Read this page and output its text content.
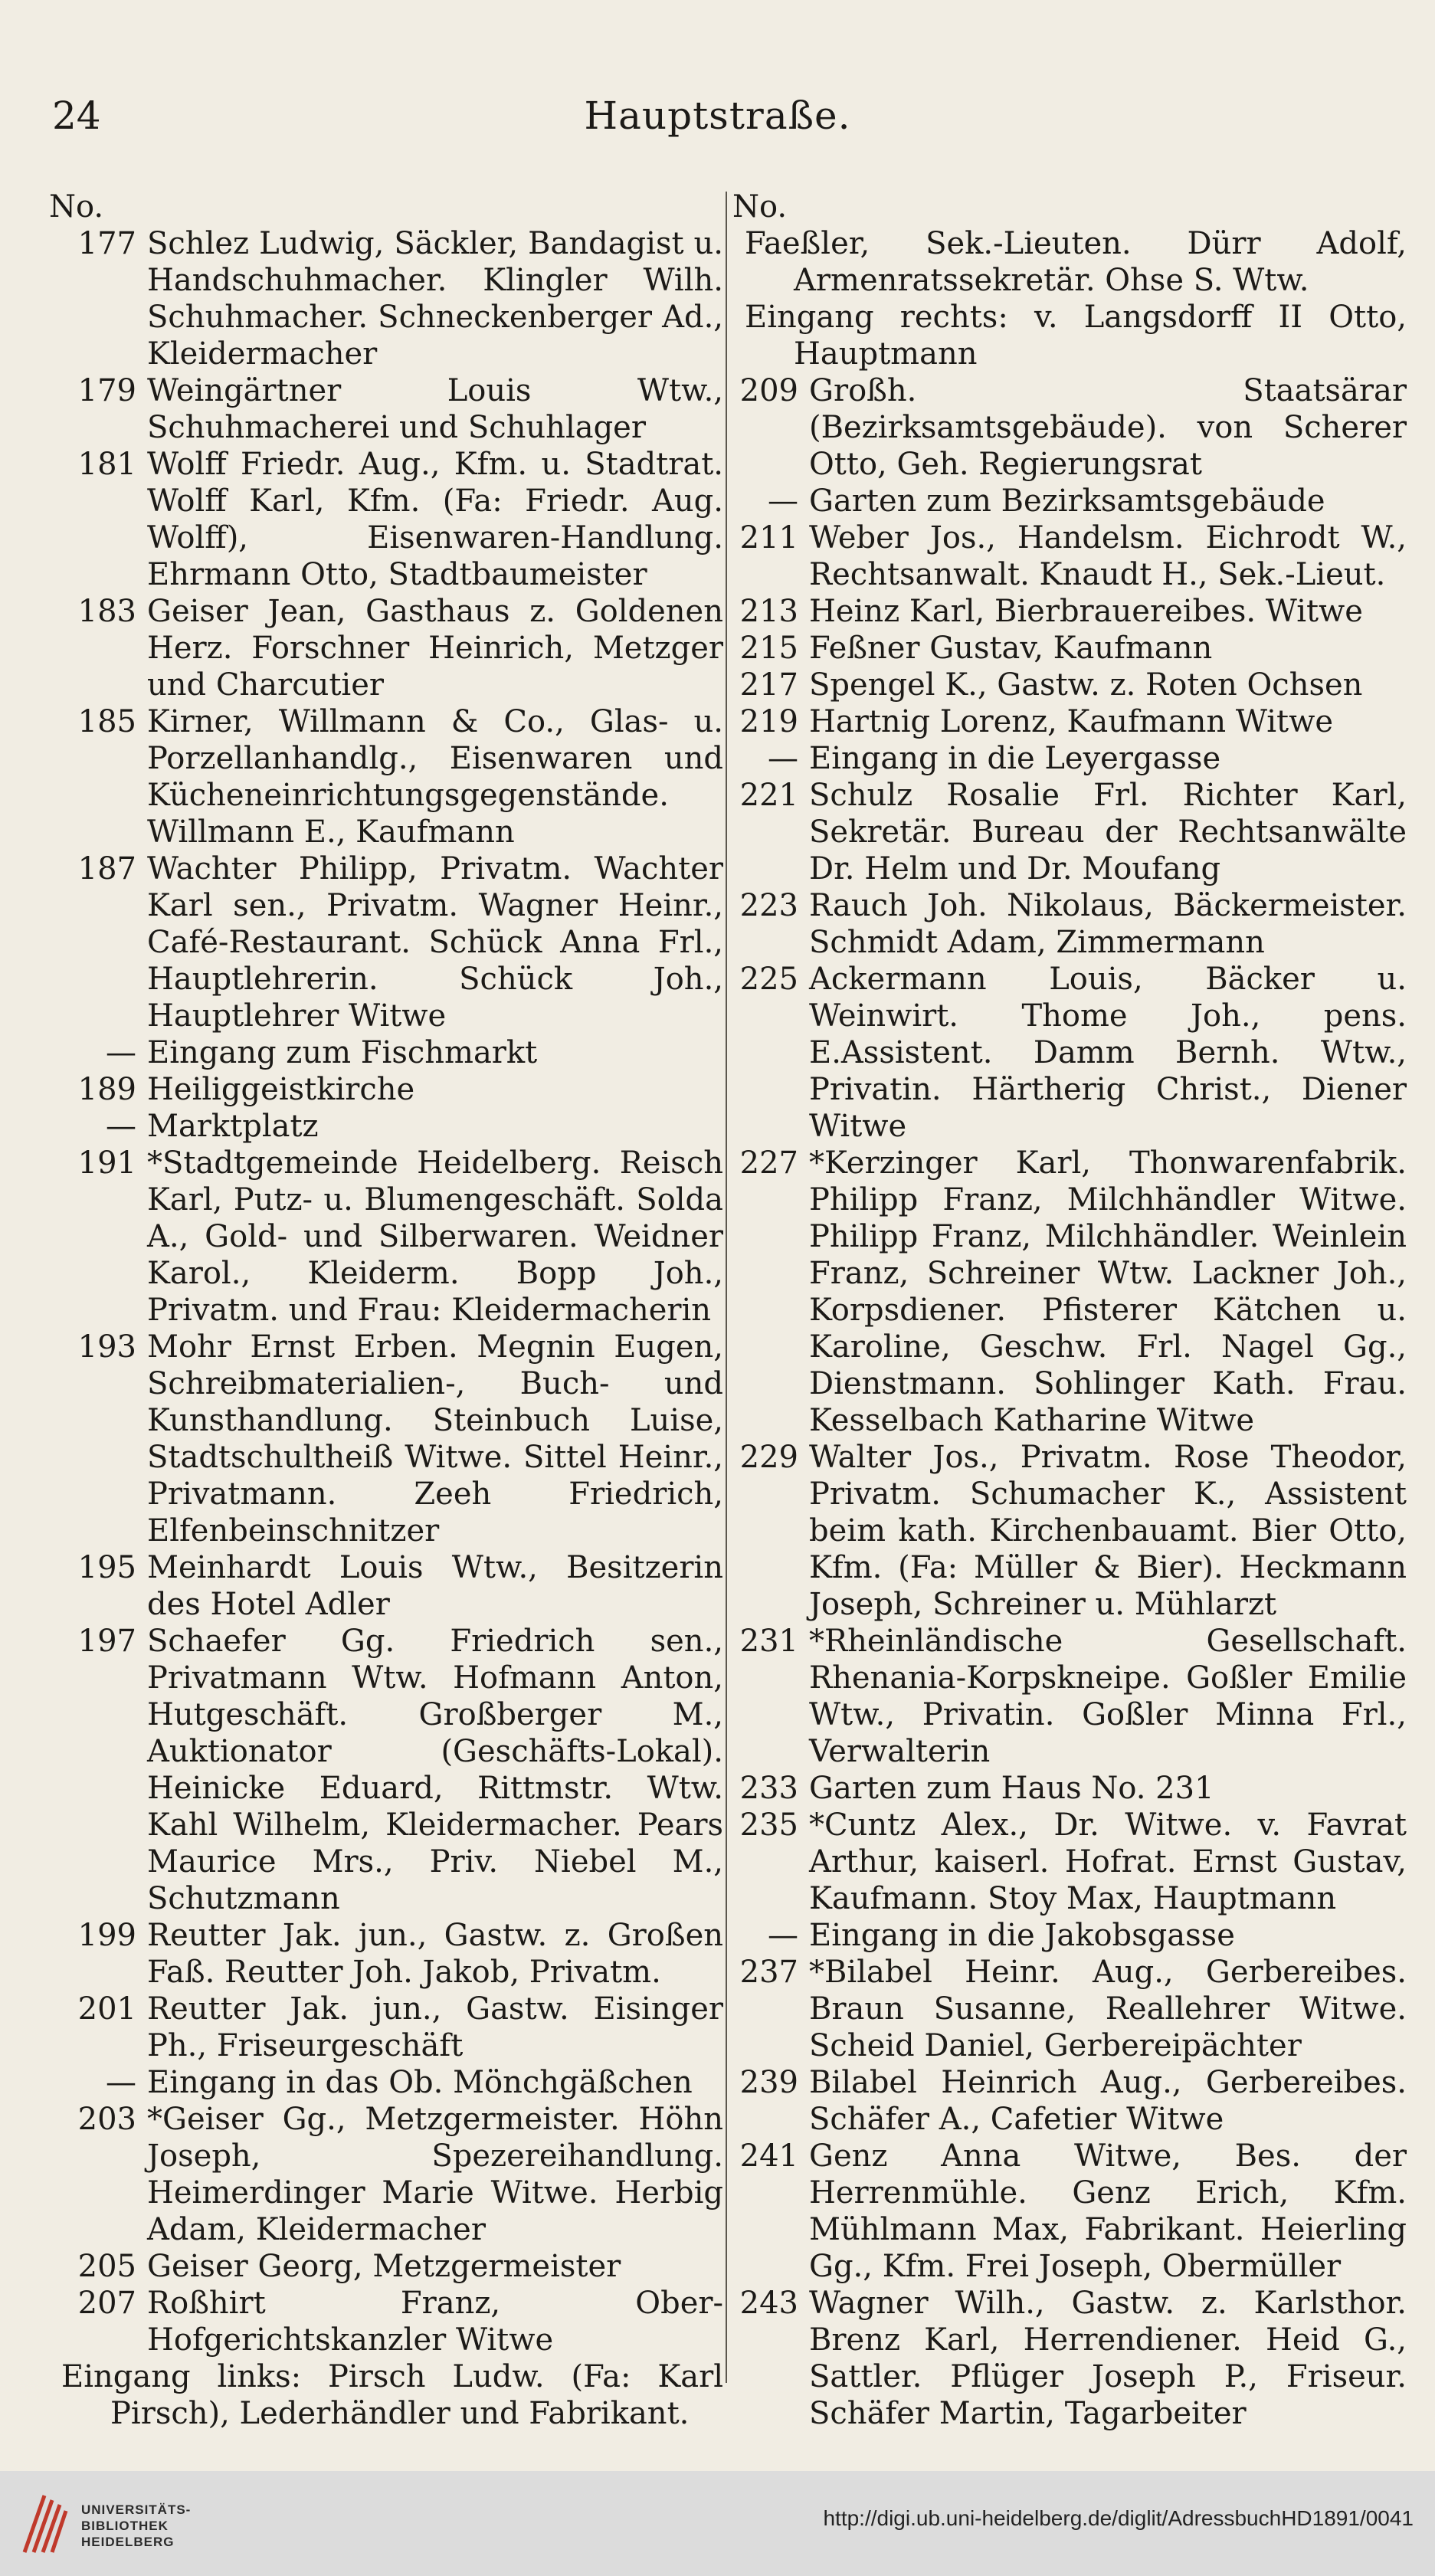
24	Hauptstraße.
No.
177 Schlez Ludwig, Säckler, Bandagist u. Handschuhmacher. Klingler Wilh. Schuhmacher. Schneckenberger Ad., Kleidermacher
179 Weingärtner Louis Wtw., Schuhmacherei und Schuhlager
181 Wolff Friedr. Aug., Kfm. u. Stadtrat. Wolff Karl, Kfm. (Fa: Friedr. Aug. Wolff), Eisenwaren-Handlung. Ehrmann Otto, Stadtbaumeister
183 Geiser Jean, Gasthaus z. Goldenen Herz. Forschner Heinrich, Metzger und Charcutier
185 Kirner, Willmann & Co., Glas- u. Porzellanhandlg., Eisenwaren und Kücheneinrichtungsgegenstände. Willmann E., Kaufmann
187 Wachter Philipp, Privatm. Wachter Karl sen., Privatm. Wagner Heinr., Café-Restaurant. Schück Anna Frl., Hauptlehrerin. Schück Joh., Hauptlehrer Witwe
— Eingang zum Fischmarkt
189 Heiliggeistkirche
— Marktplatz
191 *Stadtgemeinde Heidelberg. Reisch Karl, Putz- u. Blumengeschäft. Solda A., Gold- und Silberwaren. Weidner Karol., Kleiderm. Bopp Joh., Privatm. und Frau: Kleidermacherin
193 Mohr Ernst Erben. Megnin Eugen, Schreibmaterialien-, Buch- und Kunsthandlung. Steinbuch Luise, Stadtschultheiß Witwe. Sittel Heinr., Privatmann. Zeeh Friedrich, Elfenbeinschnitzer
195 Meinhardt Louis Wtw., Besitzerin des Hotel Adler
197 Schaefer Gg. Friedrich sen., Privatmann Wtw. Hofmann Anton, Hutgeschäft. Großberger M., Auktionator (Geschäfts-Lokal). Heinicke Eduard, Rittmstr. Wtw. Kahl Wilhelm, Kleidermacher. Pears Maurice Mrs., Priv. Niebel M., Schutzmann
199 Reutter Jak. jun., Gastw. z. Großen Faß. Reutter Joh. Jakob, Privatm.
201 Reutter Jak. jun., Gastw. Eisinger Ph., Friseurgeschäft
— Eingang in das Ob. Mönchgäßchen
203 *Geiser Gg., Metzgermeister. Höhn Joseph, Spezereihandlung. Heimerdinger Marie Witwe. Herbig Adam, Kleidermacher
205 Geiser Georg, Metzgermeister
207 Roßhirt Franz, Ober-Hofgerichtskanzler Witwe
Eingang links: Pirsch Ludw. (Fa: Karl Pirsch), Lederhändler und Fabrikant.
No.
Faeßler, Sek.-Lieuten. Dürr Adolf, Armenratssekretär. Ohse S. Wtw.
Eingang rechts: v. Langsdorff II Otto, Hauptmann
209 Großh. Staatsärar (Bezirksamtsgebäude). von Scherer Otto, Geh. Regierungsrat
— Garten zum Bezirksamtsgebäude
211 Weber Jos., Handelsm. Eichrodt W., Rechtsanwalt. Knaudt H., Sek.-Lieut.
213 Heinz Karl, Bierbrauereibes. Witwe
215 Feßner Gustav, Kaufmann
217 Spengel K., Gastw. z. Roten Ochsen
219 Hartnig Lorenz, Kaufmann Witwe
— Eingang in die Leyergasse
221 Schulz Rosalie Frl. Richter Karl, Sekretär. Bureau der Rechtsanwälte Dr. Helm und Dr. Moufang
223 Rauch Joh. Nikolaus, Bäckermeister. Schmidt Adam, Zimmermann
225 Ackermann Louis, Bäcker u. Weinwirt. Thome Joh., pens. E.Assistent. Damm Bernh. Wtw., Privatin. Härtherig Christ., Diener Witwe
227 *Kerzinger Karl, Thonwarenfabrik. Philipp Franz, Milchhändler Witwe. Philipp Franz, Milchhändler. Weinlein Franz, Schreiner Wtw. Lackner Joh., Korpsdiener. Pfisterer Kätchen u. Karoline, Geschw. Frl. Nagel Gg., Dienstmann. Sohlinger Kath. Frau. Kesselbach Katharine Witwe
229 Walter Jos., Privatm. Rose Theodor, Privatm. Schumacher K., Assistent beim kath. Kirchenbauamt. Bier Otto, Kfm. (Fa: Müller & Bier). Heckmann Joseph, Schreiner u. Mühlarzt
231 *Rheinländische Gesellschaft. Rhenania-Korpskneipe. Goßler Emilie Wtw., Privatin. Goßler Minna Frl., Verwalterin
233 Garten zum Haus No. 231
235 *Cuntz Alex., Dr. Witwe. v. Favrat Arthur, kaiserl. Hofrat. Ernst Gustav, Kaufmann. Stoy Max, Hauptmann
— Eingang in die Jakobsgasse
237 *Bilabel Heinr. Aug., Gerbereibes. Braun Susanne, Reallehrer Witwe. Scheid Daniel, Gerbereipächter
239 Bilabel Heinrich Aug., Gerbereibes. Schäfer A., Cafetier Witwe
241 Genz Anna Witwe, Bes. der Herrenmühle. Genz Erich, Kfm. Mühlmann Max, Fabrikant. Heierling Gg., Kfm. Frei Joseph, Obermüller
243 Wagner Wilh., Gastw. z. Karlsthor. Brenz Karl, Herrendiener. Heid G., Sattler. Pflüger Joseph P., Friseur. Schäfer Martin, Tagarbeiter
UNIVERSITÄTS-
BIBLIOTHEK
HEIDELBERG
http://digi.ub.uni-heidelberg.de/diglit/AdressbuchHD1891/0041
